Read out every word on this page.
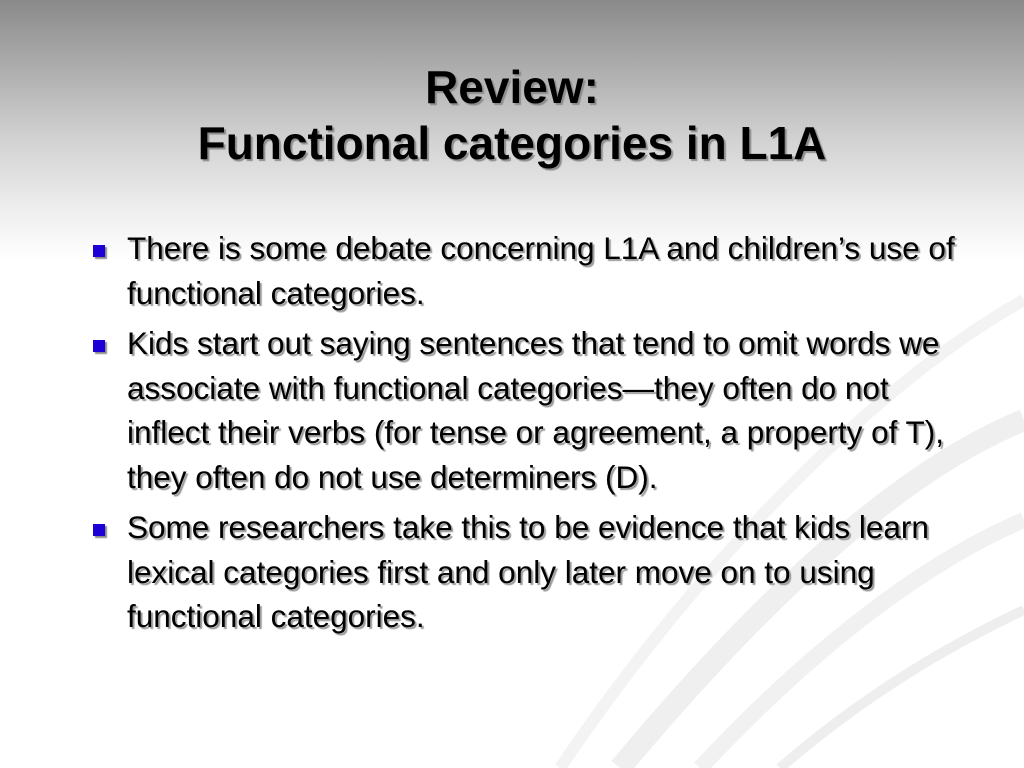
Review:
Functional categories in L1A
There is some debate concerning L1A and children’s use of functional categories.
Kids start out saying sentences that tend to omit words we associate with functional categories—they often do not inflect their verbs (for tense or agreement, a property of T), they often do not use determiners (D).
Some researchers take this to be evidence that kids learn lexical categories first and only later move on to using functional categories.
